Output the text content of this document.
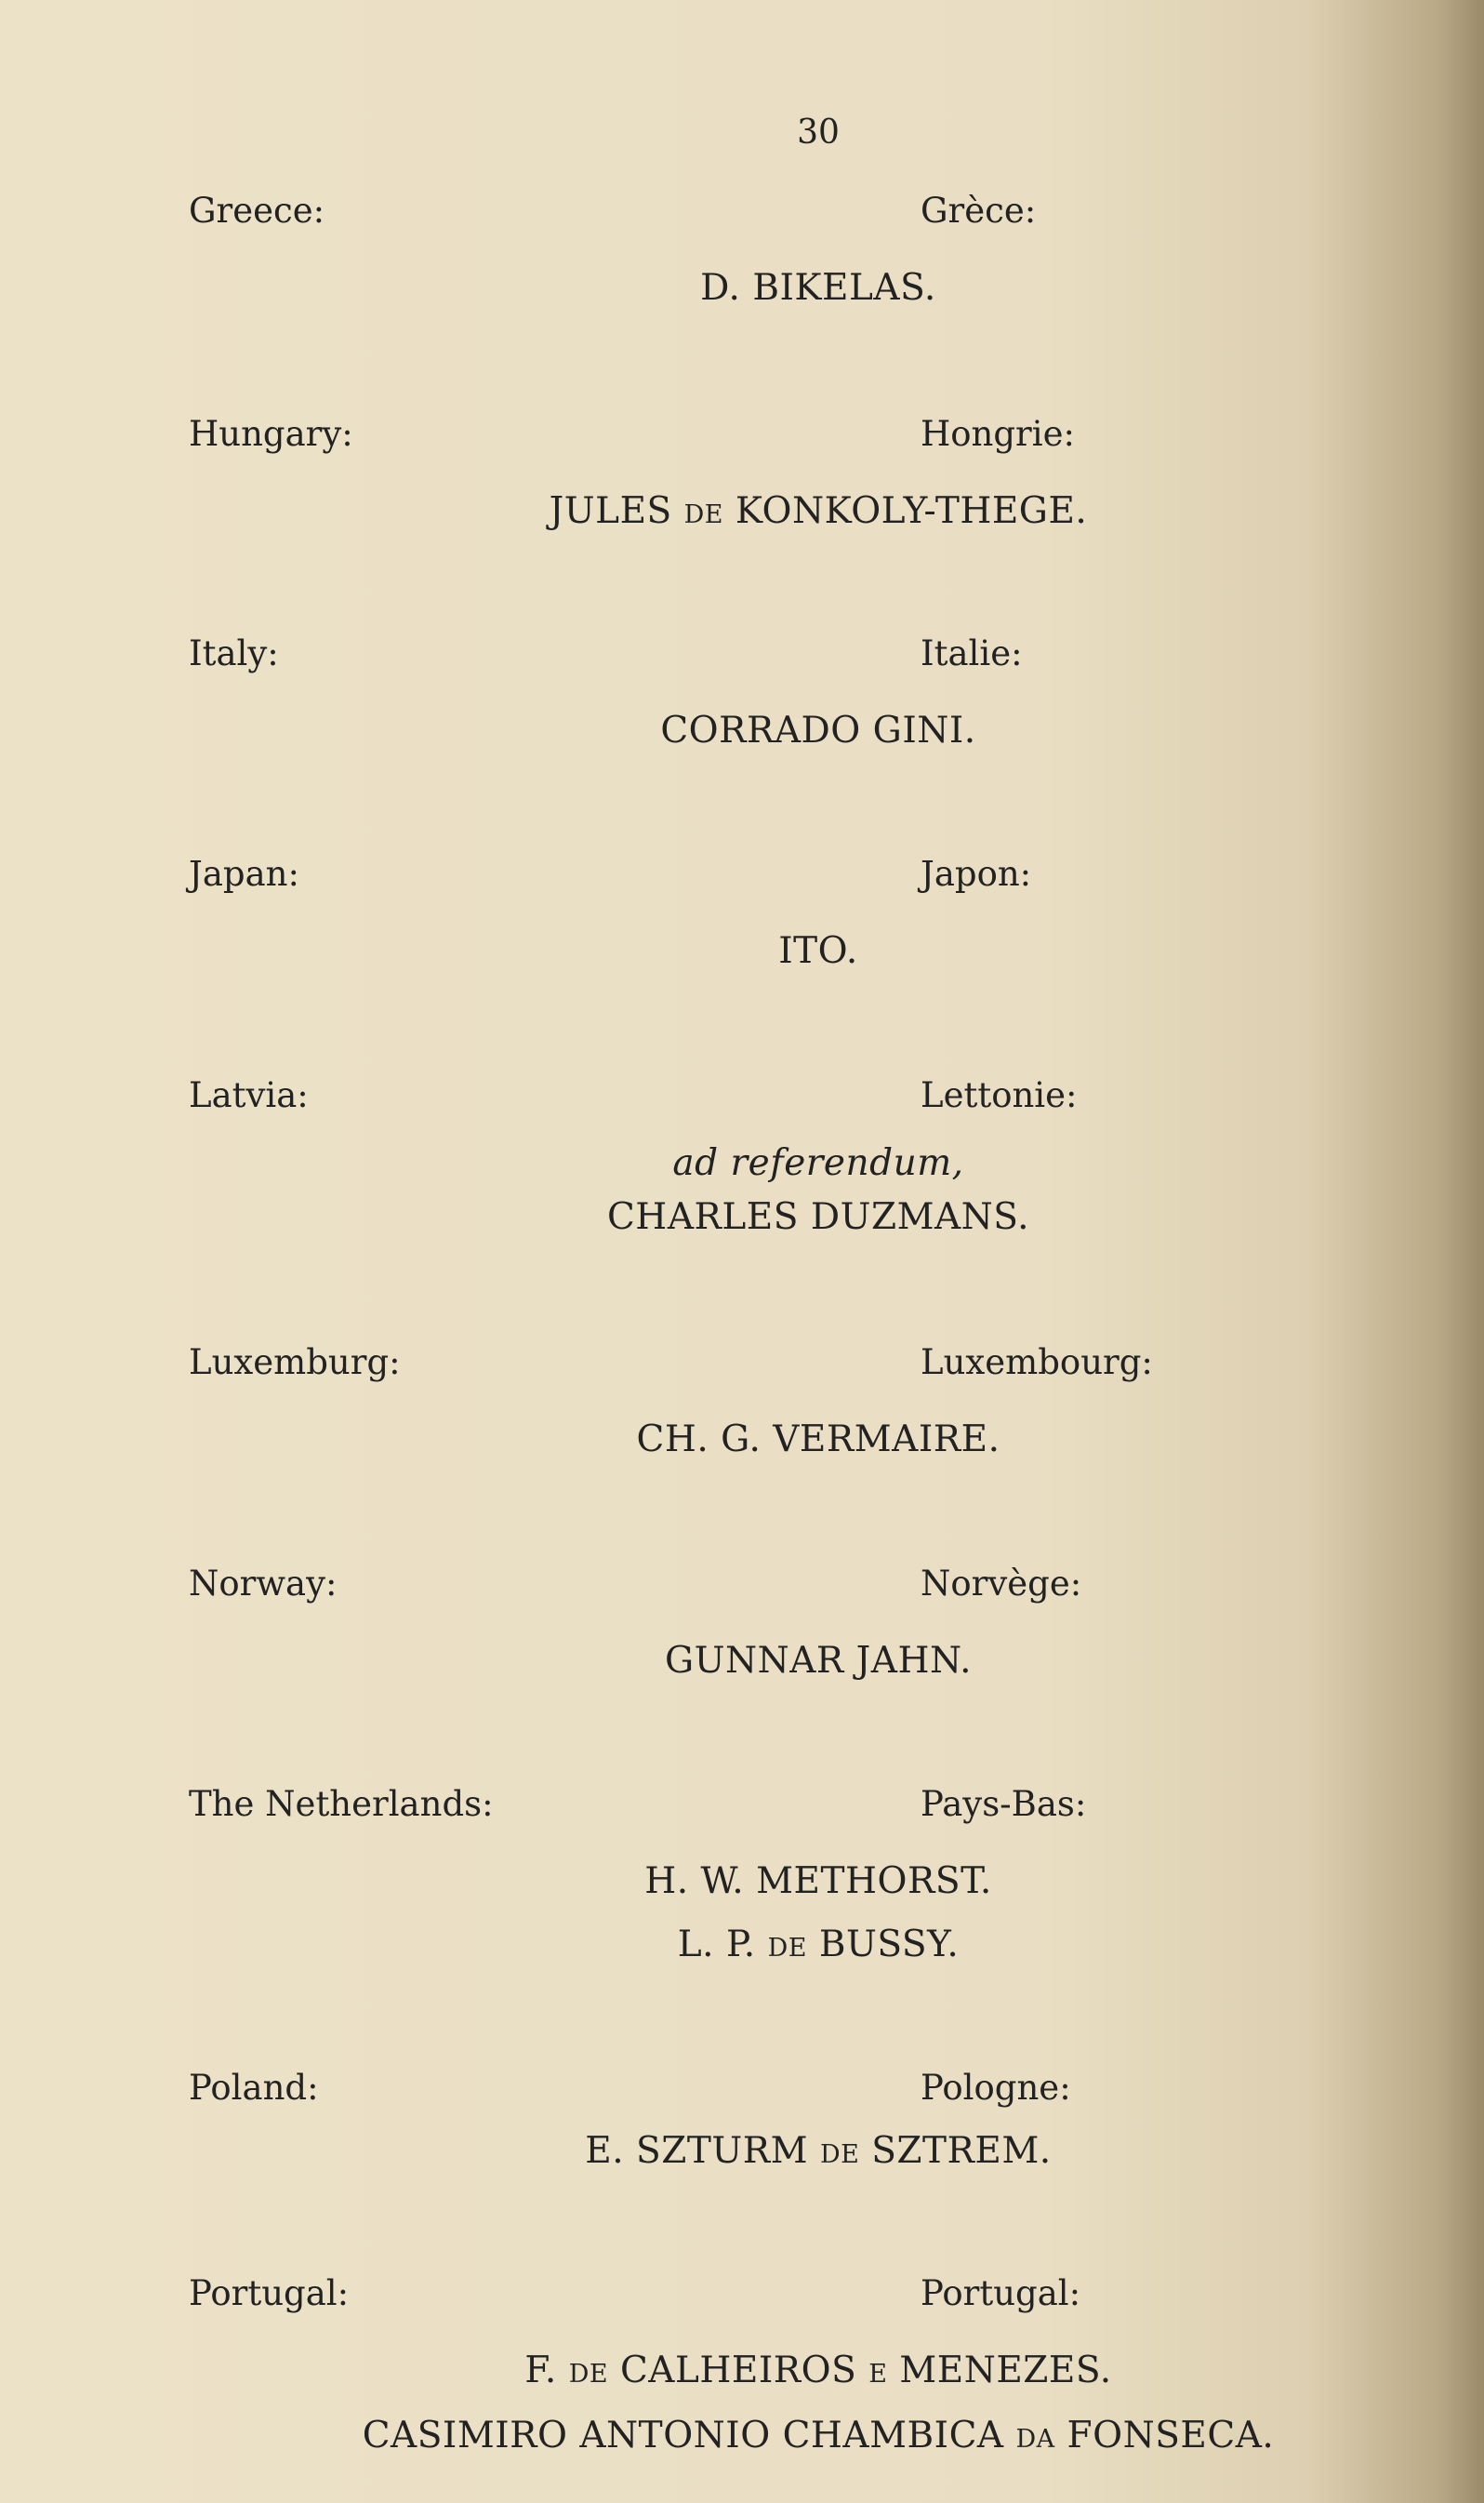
30
Greece:	Grèce:
D. BIKELAS.
Hungary:	Hongrie:
JULES DE KONKOLY-THEGE.
Italy:	Italie:
CORRADO GINI.
Japan:	Japon:
ITO.
Latvia:	Lettonie:
ad referendum,
CHARLES DUZMANS.
Luxemburg:	Luxembourg:
CH. G. VERMAIRE.
Norway:	Norvège:
GUNNAR JAHN.
The Netherlands:	Pays-Bas:
H. W. METHORST.
L. P. DE BUSSY.
Poland:	Pologne:
E. SZTURM DE SZTREM.
Portugal:	Portugal:
F. DE CALHEIROS E MENEZES.
CASIMIRO ANTONIO CHAMBICA DA FONSECA.
